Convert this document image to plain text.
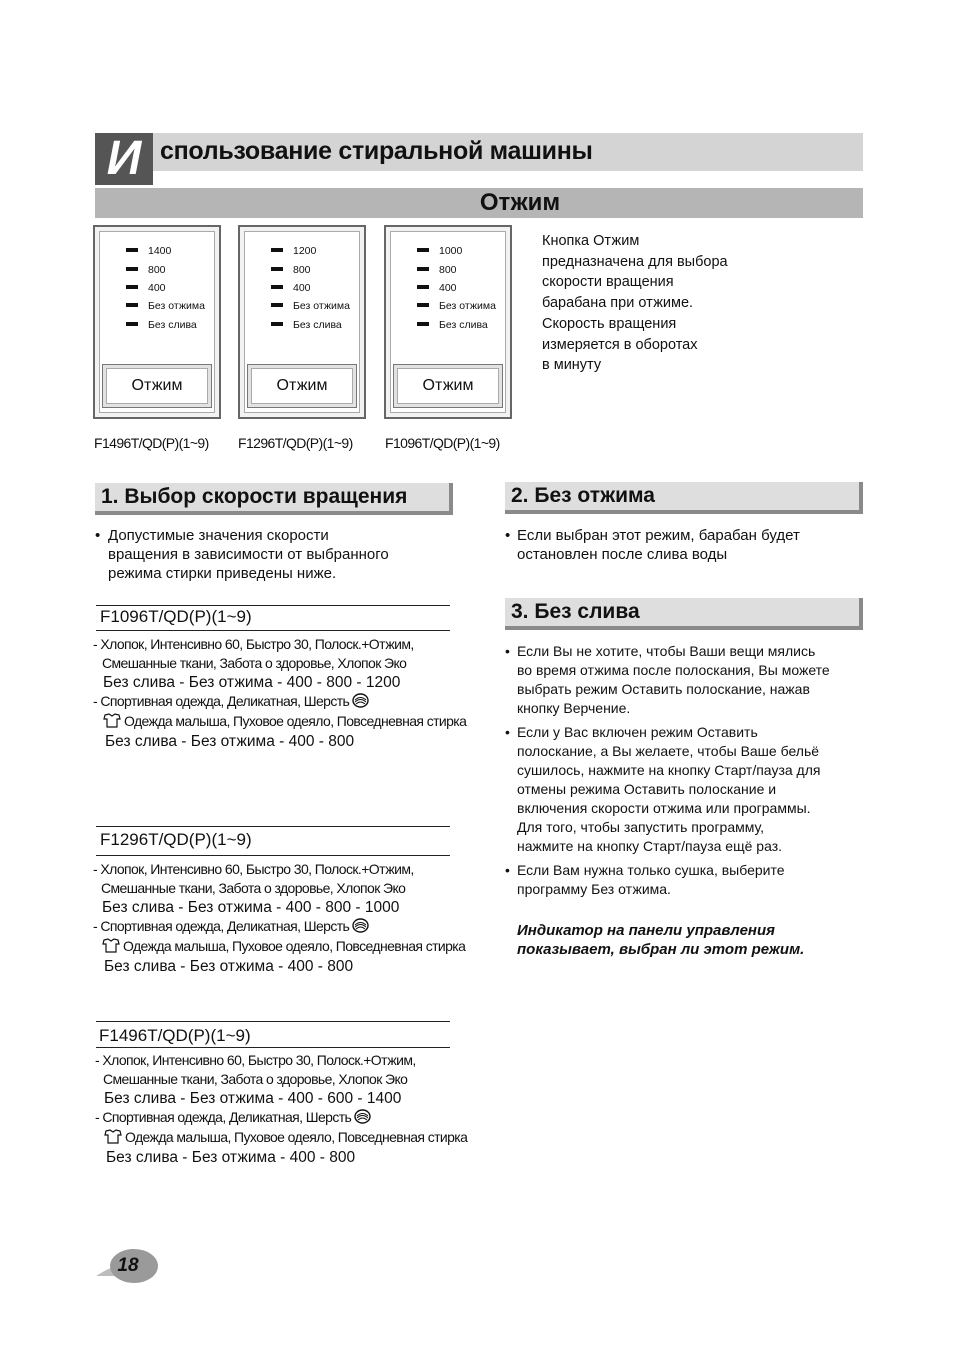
И спользование стиральной машины
Отжим
1400
800
400
Без отжима
Без слива
Отжим
1200
800
400
Без отжима
Без слива
Отжим
1000
800
400
Без отжима
Без слива
Отжим
F1496T/QD(P)(1~9) F1296T/QD(P)(1~9) F1096T/QD(P)(1~9)
Кнопка Отжим
предназначена для выбора
скорости вращения
барабана при отжиме.
Скорость вращения
измеряется в оборотах
в минуту
1. Выбор скорости вращения
• Допустимые значения скорости
вращения в зависимости от выбранного
режима стирки приведены ниже.
F1096T/QD(P)(1~9)
- Хлопок, Интенсивно 60, Быстро 30, Полоск.+Отжим,
Смешанные ткани, Забота о здоровье, Хлопок Эко
Без слива - Без отжима - 400 - 800 - 1200
- Спортивная одежда, Деликатная, Шерсть
Одежда малыша, Пуховое одеяло, Повседневная стирка
Без слива - Без отжима - 400 - 800
F1296T/QD(P)(1~9)
- Хлопок, Интенсивно 60, Быстро 30, Полоск.+Отжим,
Смешанные ткани, Забота о здоровье, Хлопок Эко
Без слива - Без отжима - 400 - 800 - 1000
- Спортивная одежда, Деликатная, Шерсть
Одежда малыша, Пуховое одеяло, Повседневная стирка
Без слива - Без отжима - 400 - 800
F1496T/QD(P)(1~9)
- Хлопок, Интенсивно 60, Быстро 30, Полоск.+Отжим,
Смешанные ткани, Забота о здоровье, Хлопок Эко
Без слива - Без отжима - 400 - 600 - 1400
- Спортивная одежда, Деликатная, Шерсть
Одежда малыша, Пуховое одеяло, Повседневная стирка
Без слива - Без отжима - 400 - 800
2. Без отжима
• Если выбран этот режим, барабан будет
остановлен после слива воды
3. Без слива
• Если Вы не хотите, чтобы Ваши вещи мялись
во время отжима после полоскания, Вы можете
выбрать режим Оставить полоскание, нажав
кнопку Верчение.
• Если у Вас включен режим Оставить
полоскание, а Вы желаете, чтобы Ваше бельё
сушилось, нажмите на кнопку Старт/пауза для
отмены режима Оставить полоскание и
включения скорости отжима или программы.
Для того, чтобы запустить программу,
нажмите на кнопку Старт/пауза ещё раз.
• Если Вам нужна только сушка, выберите
программу Без отжима.
Индикатор на панели управления
показывает, выбран ли этот режим.
18
